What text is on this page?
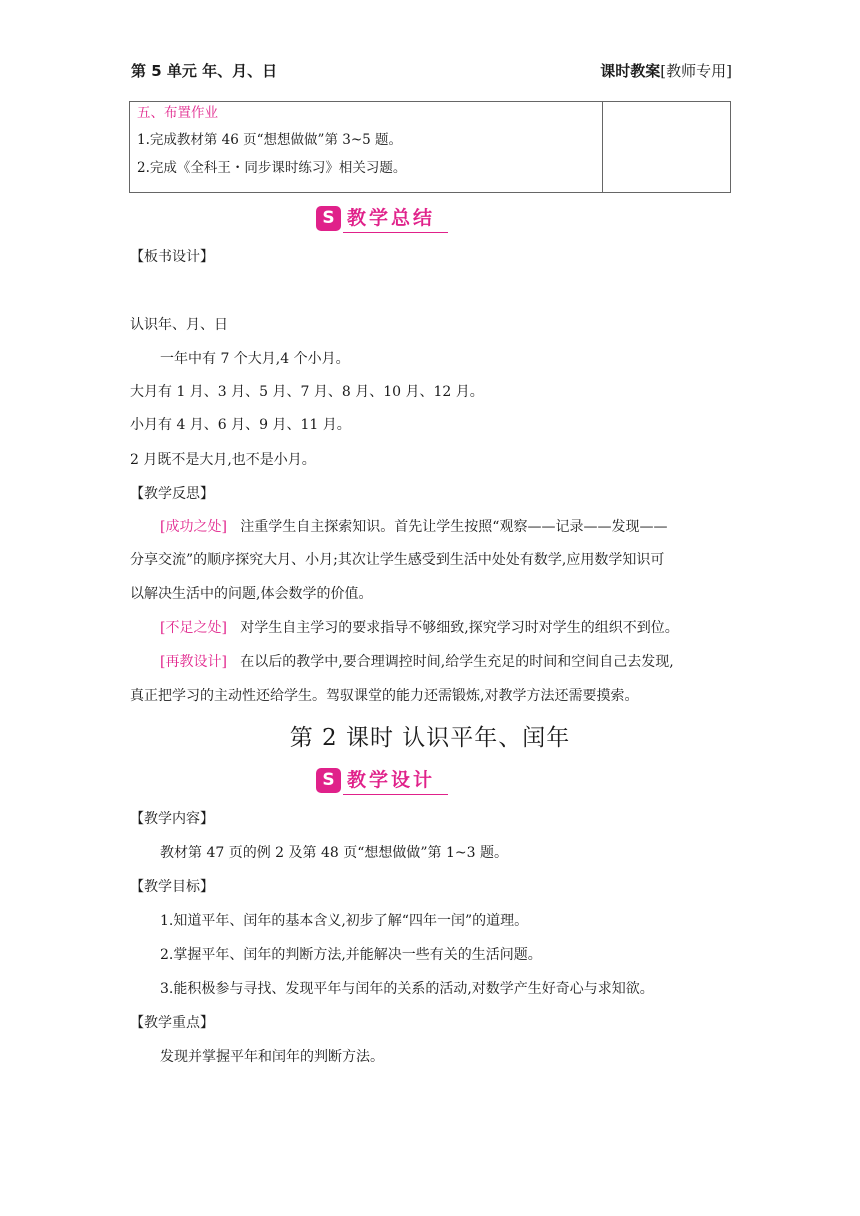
第 5 单元 年、月、日	课时教案[教师专用]
五、布置作业
1.完成教材第 46 页“想想做做”第 3~5 题。
2.完成《全科王・同步课时练习》相关习题。

S 教学总结
【板书设计】
认识年、月、日
一年中有 7 个大月,4 个小月。
大月有 1 月、3 月、5 月、7 月、8 月、10 月、12 月。
小月有 4 月、6 月、9 月、11 月。
2 月既不是大月,也不是小月。
【教学反思】
[成功之处] 注重学生自主探索知识。首先让学生按照“观察——记录——发现——
分享交流”的顺序探究大月、小月;其次让学生感受到生活中处处有数学,应用数学知识可
以解决生活中的问题,体会数学的价值。
[不足之处] 对学生自主学习的要求指导不够细致,探究学习时对学生的组织不到位。
[再教设计] 在以后的教学中,要合理调控时间,给学生充足的时间和空间自己去发现,
真正把学习的主动性还给学生。驾驭课堂的能力还需锻炼,对教学方法还需要摸索。
第 2 课时 认识平年、闰年
S 教学设计
【教学内容】
教材第 47 页的例 2 及第 48 页“想想做做”第 1~3 题。
【教学目标】
1.知道平年、闰年的基本含义,初步了解“四年一闰”的道理。
2.掌握平年、闰年的判断方法,并能解决一些有关的生活问题。
3.能积极参与寻找、发现平年与闰年的关系的活动,对数学产生好奇心与求知欲。
【教学重点】
发现并掌握平年和闰年的判断方法。
